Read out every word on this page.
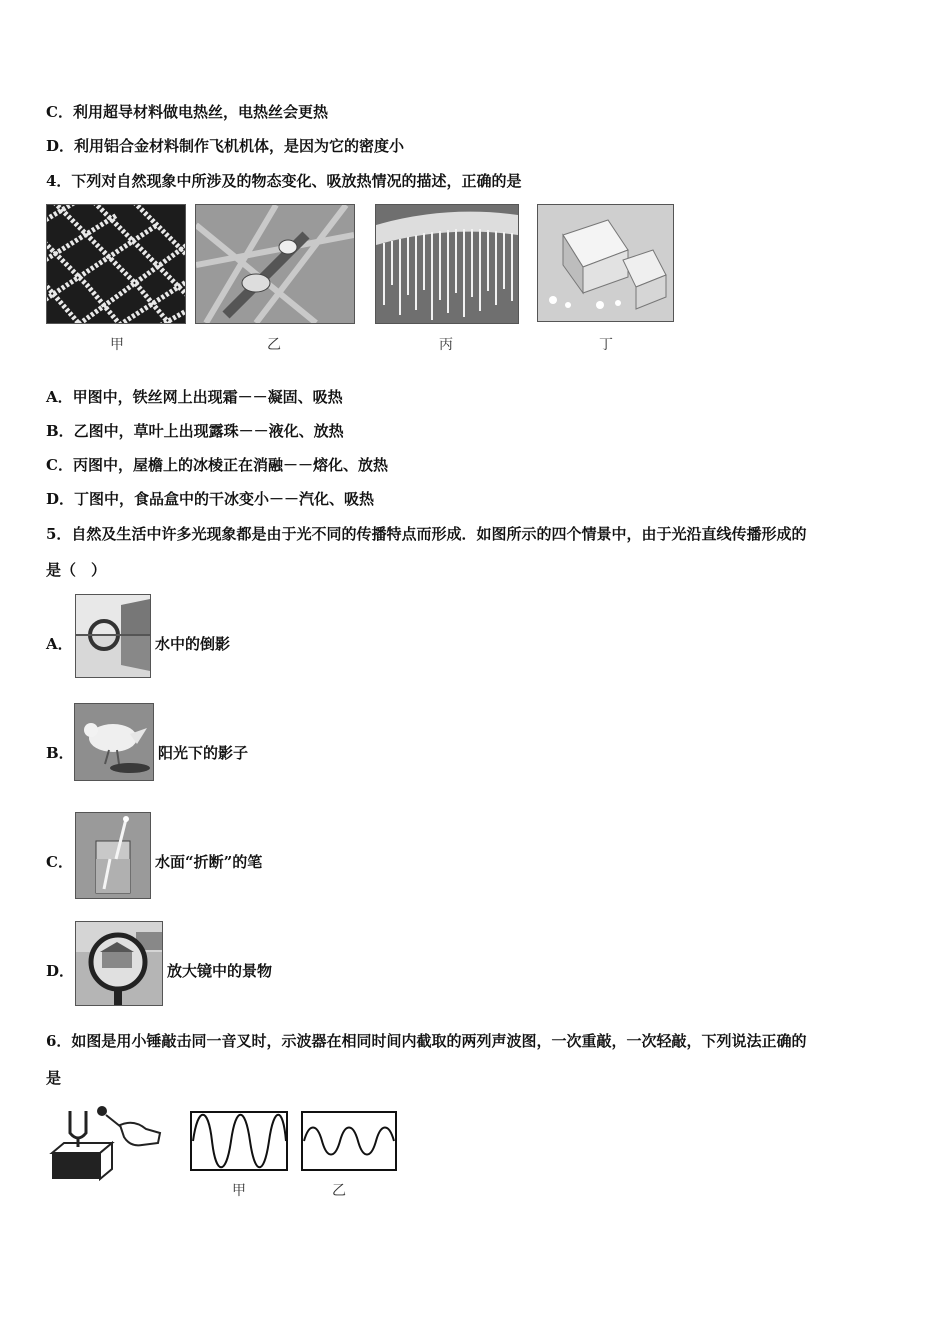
C．利用超导材料做电热丝，电热丝会更热
D．利用铝合金材料制作飞机机体，是因为它的密度小
4．下列对自然现象中所涉及的物态变化、吸放热情况的描述，正确的是
甲	乙	丙	丁
A．甲图中，铁丝网上出现霜－－凝固、吸热
B．乙图中，草叶上出现露珠－－液化、放热
C．丙图中，屋檐上的冰棱正在消融－－熔化、放热
D．丁图中，食品盒中的干冰变小－－汽化、吸热
5．自然及生活中许多光现象都是由于光不同的传播特点而形成．如图所示的四个情景中，由于光沿直线传播形成的
是（　）
A．	水中的倒影
B．	阳光下的影子
C．	水面“折断”的笔
D．	放大镜中的景物
6．如图是用小锤敲击同一音叉时，示波器在相同时间内截取的两列声波图，一次重敲，一次轻敲，下列说法正确的
是
甲	乙
